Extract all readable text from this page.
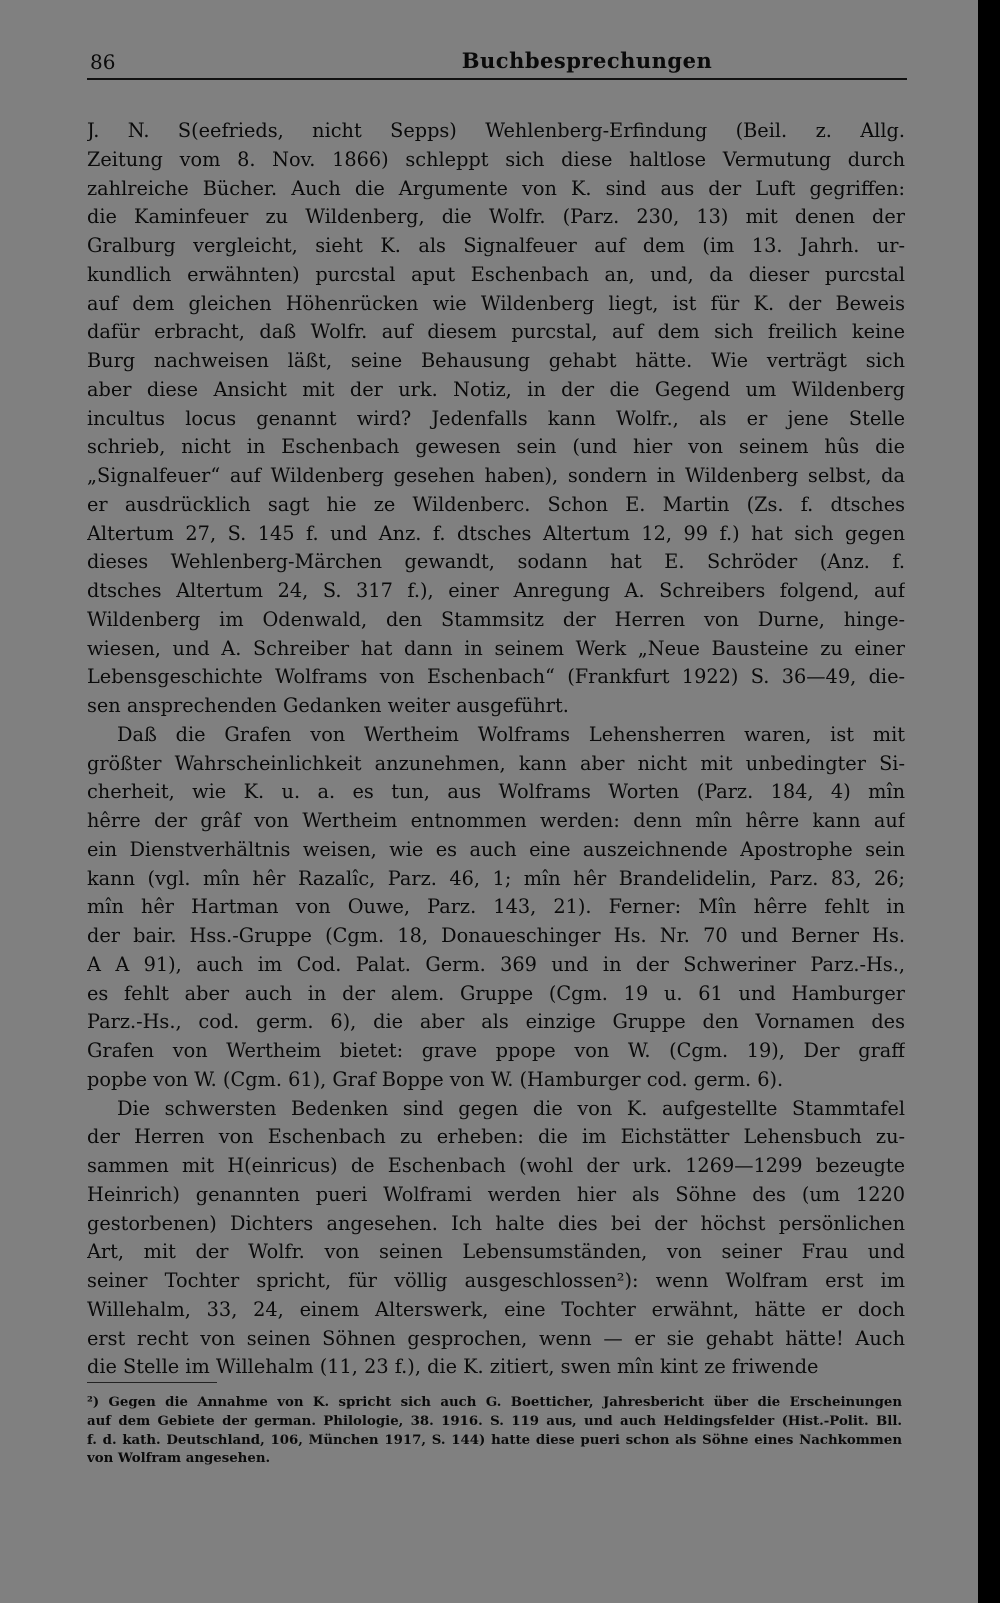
86	Buchbesprechungen
J. N. S(eefrieds, nicht Sepps) Wehlenberg-Erfindung (Beil. z. Allg.
Zeitung vom 8. Nov. 1866) schleppt sich diese haltlose Vermutung durch
zahlreiche Bücher. Auch die Argumente von K. sind aus der Luft gegriffen:
die Kaminfeuer zu Wildenberg, die Wolfr. (Parz. 230, 13) mit denen der
Gralburg vergleicht, sieht K. als Signalfeuer auf dem (im 13. Jahrh. ur-
kundlich erwähnten) purcstal aput Eschenbach an, und, da dieser purcstal
auf dem gleichen Höhenrücken wie Wildenberg liegt, ist für K. der Beweis
dafür erbracht, daß Wolfr. auf diesem purcstal, auf dem sich freilich keine
Burg nachweisen läßt, seine Behausung gehabt hätte. Wie verträgt sich
aber diese Ansicht mit der urk. Notiz, in der die Gegend um Wildenberg
incultus locus genannt wird? Jedenfalls kann Wolfr., als er jene Stelle
schrieb, nicht in Eschenbach gewesen sein (und hier von seinem hûs die
„Signalfeuer“ auf Wildenberg gesehen haben), sondern in Wildenberg selbst, da
er ausdrücklich sagt hie ze Wildenberc. Schon E. Martin (Zs. f. dtsches
Altertum 27, S. 145 f. und Anz. f. dtsches Altertum 12, 99 f.) hat sich gegen
dieses Wehlenberg-Märchen gewandt, sodann hat E. Schröder (Anz. f.
dtsches Altertum 24, S. 317 f.), einer Anregung A. Schreibers folgend, auf
Wildenberg im Odenwald, den Stammsitz der Herren von Durne, hinge-
wiesen, und A. Schreiber hat dann in seinem Werk „Neue Bausteine zu einer
Lebensgeschichte Wolframs von Eschenbach“ (Frankfurt 1922) S. 36—49, die-
sen ansprechenden Gedanken weiter ausgeführt.
Daß die Grafen von Wertheim Wolframs Lehensherren waren, ist mit
größter Wahrscheinlichkeit anzunehmen, kann aber nicht mit unbedingter Si-
cherheit, wie K. u. a. es tun, aus Wolframs Worten (Parz. 184, 4) mîn
hêrre der grâf von Wertheim entnommen werden: denn mîn hêrre kann auf
ein Dienstverhältnis weisen, wie es auch eine auszeichnende Apostrophe sein
kann (vgl. mîn hêr Razalîc, Parz. 46, 1; mîn hêr Brandelidelin, Parz. 83, 26;
mîn hêr Hartman von Ouwe, Parz. 143, 21). Ferner: Mîn hêrre fehlt in
der bair. Hss.-Gruppe (Cgm. 18, Donaueschinger Hs. Nr. 70 und Berner Hs.
A A 91), auch im Cod. Palat. Germ. 369 und in der Schweriner Parz.-Hs.,
es fehlt aber auch in der alem. Gruppe (Cgm. 19 u. 61 und Hamburger
Parz.-Hs., cod. germ. 6), die aber als einzige Gruppe den Vornamen des
Grafen von Wertheim bietet: grave ppope von W. (Cgm. 19), Der graff
popbe von W. (Cgm. 61), Graf Boppe von W. (Hamburger cod. germ. 6).
Die schwersten Bedenken sind gegen die von K. aufgestellte Stammtafel
der Herren von Eschenbach zu erheben: die im Eichstätter Lehensbuch zu-
sammen mit H(einricus) de Eschenbach (wohl der urk. 1269—1299 bezeugte
Heinrich) genannten pueri Wolframi werden hier als Söhne des (um 1220
gestorbenen) Dichters angesehen. Ich halte dies bei der höchst persönlichen
Art, mit der Wolfr. von seinen Lebensumständen, von seiner Frau und
seiner Tochter spricht, für völlig ausgeschlossen²): wenn Wolfram erst im
Willehalm, 33, 24, einem Alterswerk, eine Tochter erwähnt, hätte er doch
erst recht von seinen Söhnen gesprochen, wenn — er sie gehabt hätte! Auch
die Stelle im Willehalm (11, 23 f.), die K. zitiert, swen mîn kint ze friwende
²) Gegen die Annahme von K. spricht sich auch G. Boetticher, Jahresbericht über die Erscheinungen
auf dem Gebiete der german. Philologie, 38. 1916. S. 119 aus, und auch Heldingsfelder (Hist.-Polit. Bll.
f. d. kath. Deutschland, 106, München 1917, S. 144) hatte diese pueri schon als Söhne eines Nachkommen
von Wolfram angesehen.
